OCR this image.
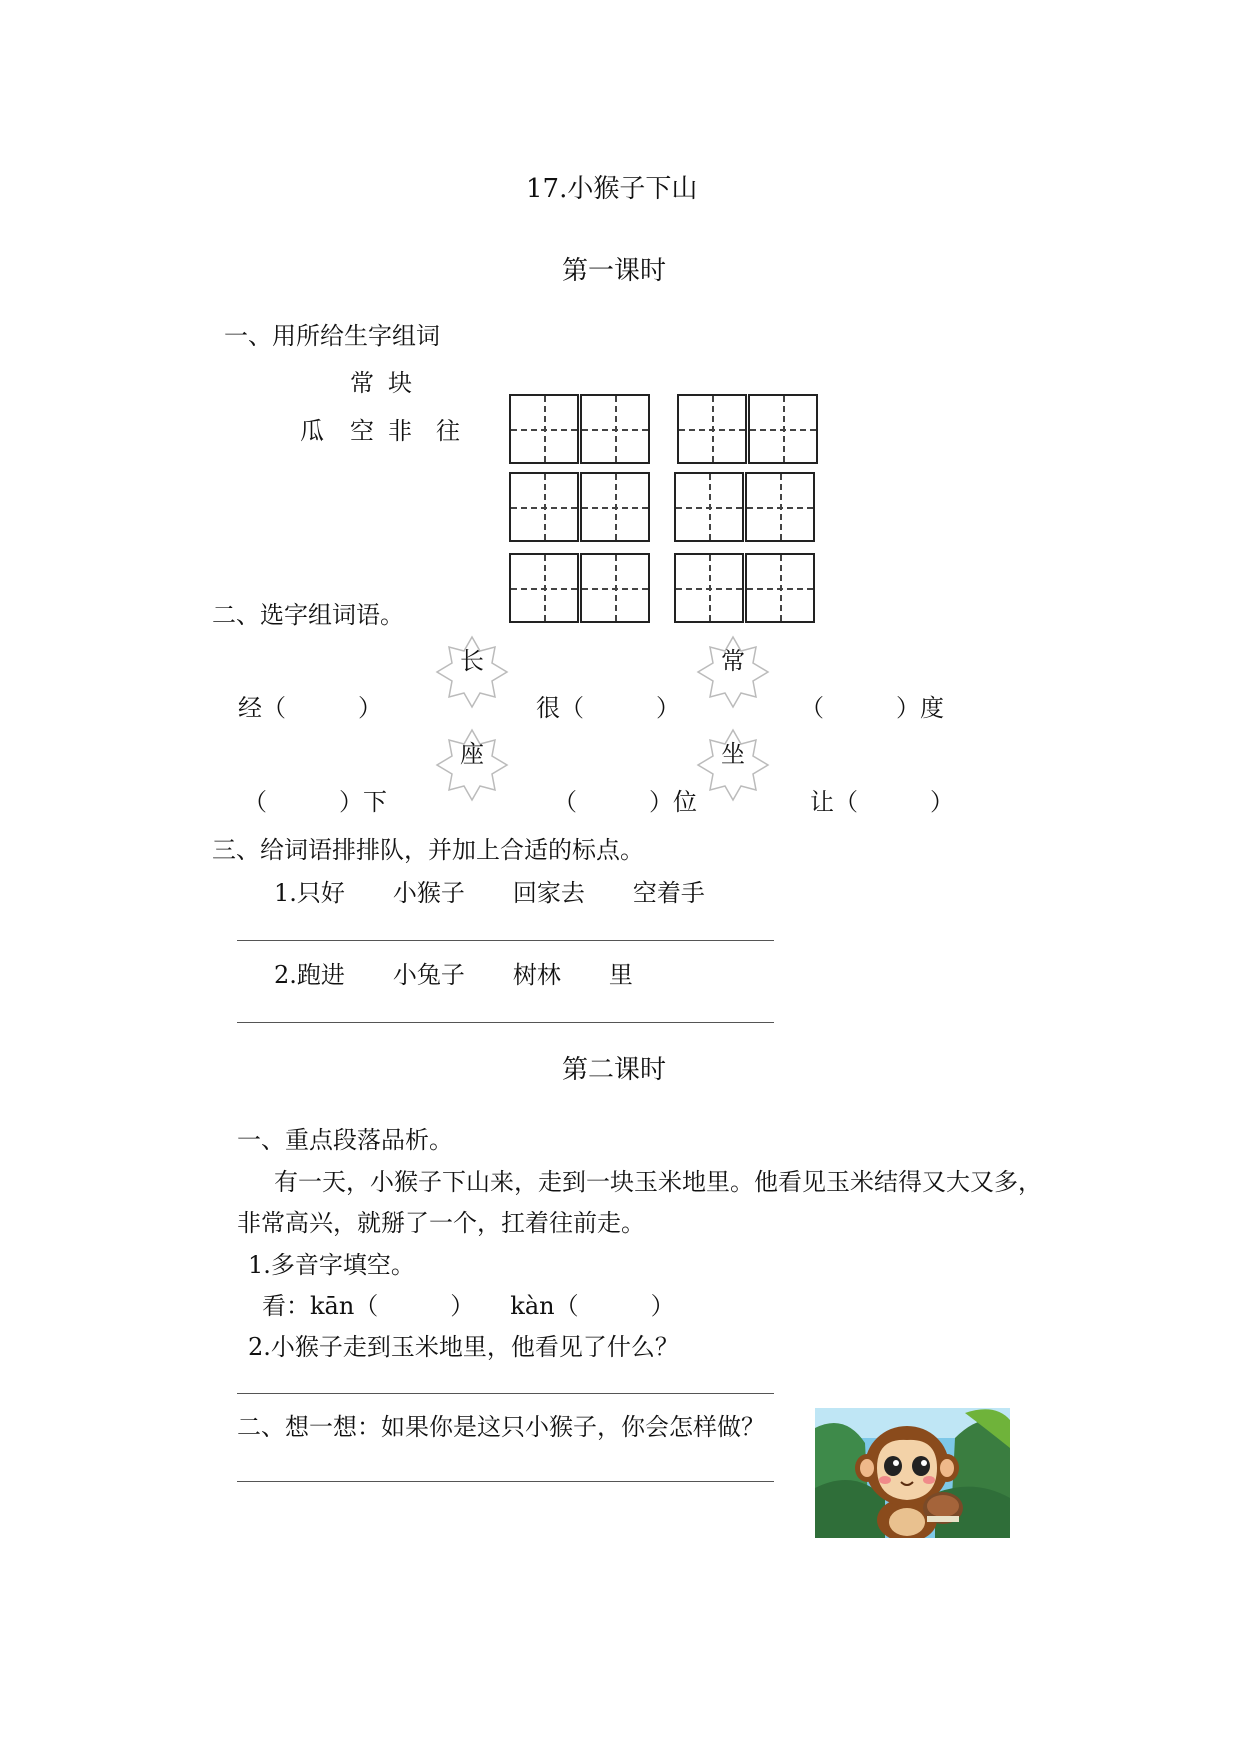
17.小猴子下山
第一课时
一、用所给生字组词
常 块
瓜 空 非 往
二、选字组词语。
长	常
座	坐
经（　　　）	很（　　　）	（　　　）度
（　　　）下	（　　　）位	让（　　　）
三、给词语排排队，并加上合适的标点。
1.只好　　小猴子　　回家去　　空着手
2.跑进　　小兔子　　树林　　里
第二课时
一、重点段落品析。
有一天，小猴子下山来，走到一块玉米地里。他看见玉米结得又大又多，
非常高兴，就掰了一个，扛着往前走。
1.多音字填空。
看：kān（　　　）　　kàn（　　　）
2.小猴子走到玉米地里，他看见了什么？
二、想一想：如果你是这只小猴子，你会怎样做？
